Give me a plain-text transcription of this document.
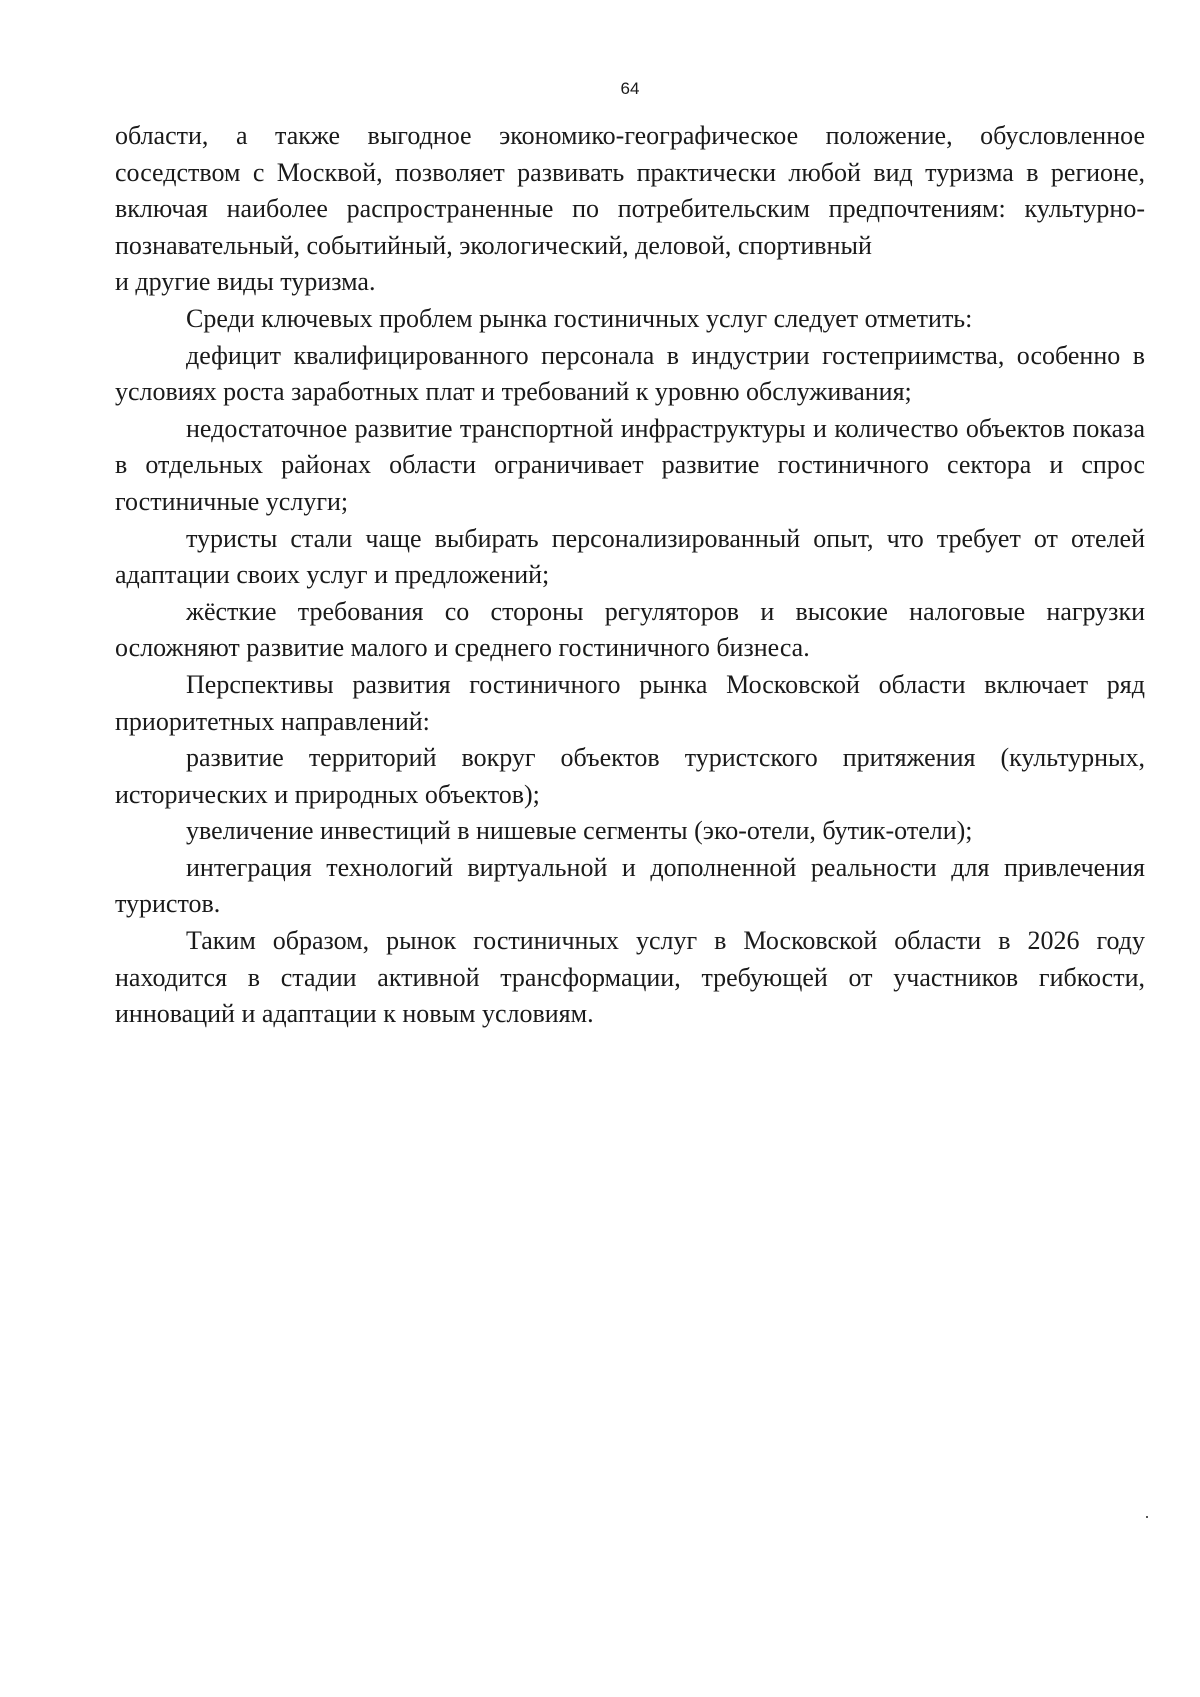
64

области, а также выгодное экономико-географическое положение, обусловленное соседством с Москвой, позволяет развивать практически любой вид туризма в регионе, включая наиболее распространенные по потребительским предпочтениям: культурно-познавательный, событийный, экологический, деловой, спортивный

и другие виды туризма.

Среди ключевых проблем рынка гостиничных услуг следует отметить:

дефицит квалифицированного персонала в индустрии гостеприимства, особенно в условиях роста заработных плат и требований к уровню обслуживания;

недостаточное развитие транспортной инфраструктуры и количество объектов показа в отдельных районах области ограничивает развитие гостиничного сектора и спрос гостиничные услуги;

туристы стали чаще выбирать персонализированный опыт, что требует от отелей адаптации своих услуг и предложений;

жёсткие требования со стороны регуляторов и высокие налоговые нагрузки осложняют развитие малого и среднего гостиничного бизнеса.

Перспективы развития гостиничного рынка Московской области включает ряд приоритетных направлений:

развитие территорий вокруг объектов туристского притяжения (культурных, исторических и природных объектов);

увеличение инвестиций в нишевые сегменты (эко-отели, бутик-отели);

интеграция технологий виртуальной и дополненной реальности для привлечения туристов.

Таким образом, рынок гостиничных услуг в Московской области в 2026 году находится в стадии активной трансформации, требующей от участников гибкости, инноваций и адаптации к новым условиям.
